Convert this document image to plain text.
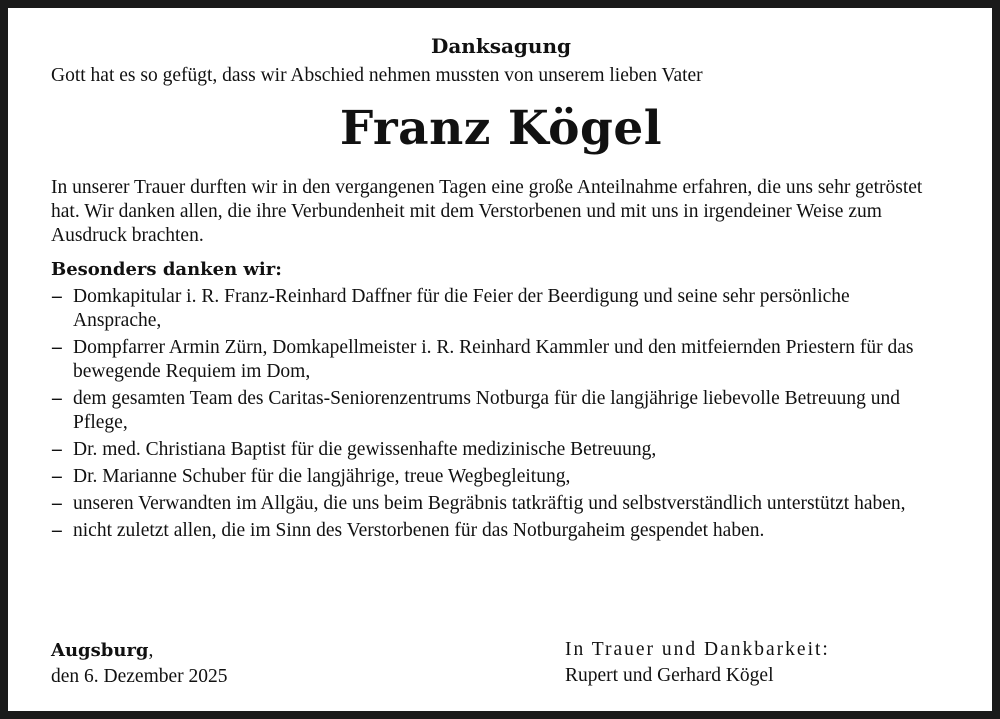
Danksagung

Gott hat es so gefügt, dass wir Abschied nehmen mussten von unserem lieben Vater

Franz Kögel

In unserer Trauer durften wir in den vergangenen Tagen eine große Anteilnahme erfahren, die uns sehr getröstet hat. Wir danken allen, die ihre Verbundenheit mit dem Verstorbenen und mit uns in irgendeiner Weise zum Ausdruck brachten.

Besonders danken wir:
– Domkapitular i. R. Franz-Reinhard Daffner für die Feier der Beerdigung und seine sehr persönliche Ansprache,
– Dompfarrer Armin Zürn, Domkapellmeister i. R. Reinhard Kammler und den mitfeiernden Priestern für das bewegende Requiem im Dom,
– dem gesamten Team des Caritas-Seniorenzentrums Notburga für die langjährige liebevolle Betreuung und Pflege,
– Dr. med. Christiana Baptist für die gewissenhafte medizinische Betreuung,
– Dr. Marianne Schuber für die langjährige, treue Wegbegleitung,
– unseren Verwandten im Allgäu, die uns beim Begräbnis tatkräftig und selbstverständlich unterstützt haben,
– nicht zuletzt allen, die im Sinn des Verstorbenen für das Notburgaheim gespendet haben.
Augsburg,
den 6. Dezember 2025
In Trauer und Dankbarkeit:
Rupert und Gerhard Kögel
